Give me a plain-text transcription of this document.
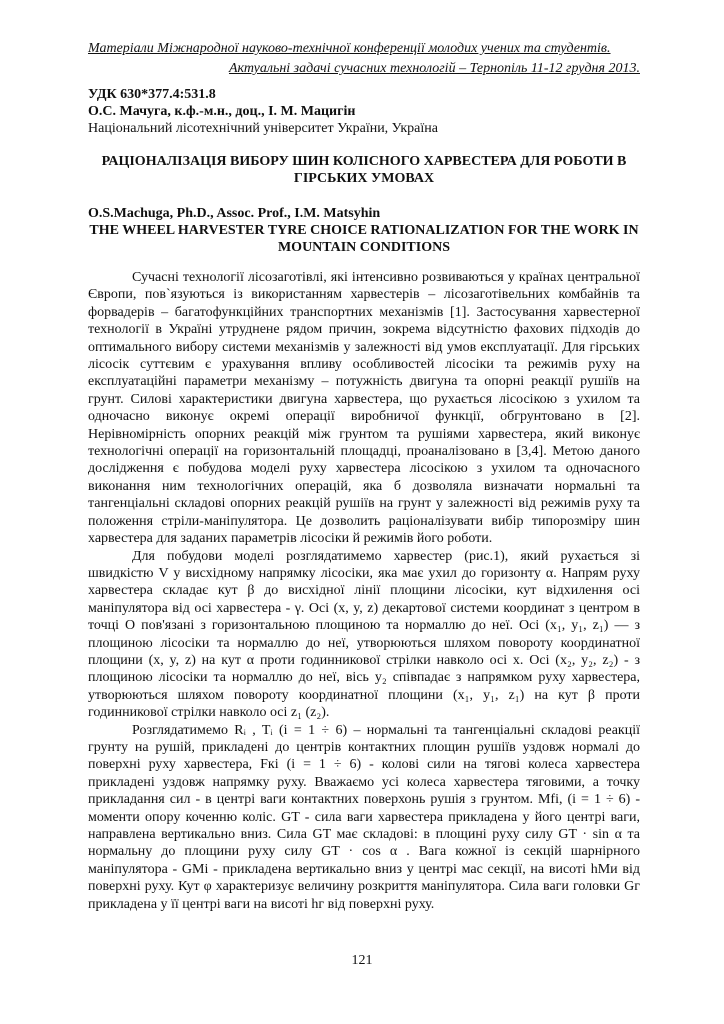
Матеріали Міжнародної науково-технічної конференції молодих учених та студентів.
Актуальні задачі сучасних технологій – Тернопіль 11-12 грудня 2013.
УДК 630*377.4:531.8
О.С. Мачуга, к.ф.-м.н., доц., І. М. Мацигін
Національний лісотехнічний університет України, Україна
РАЦІОНАЛІЗАЦІЯ ВИБОРУ ШИН КОЛІСНОГО ХАРВЕСТЕРА ДЛЯ РОБОТИ В ГІРСЬКИХ УМОВАХ
O.S.Machuga, Ph.D., Assoc. Prof., I.M. Matsyhin
THE WHEEL HARVESTER TYRE CHOICE RATIONALIZATION FOR THE WORK IN MOUNTAIN CONDITIONS

Сучасні технології лісозаготівлі, які інтенсивно розвиваються у країнах центральної Європи, пов`язуються із використанням харвестерів – лісозаготівельних комбайнів та форвадерів – багатофункційних транспортних механізмів [1]. Застосування харвестерної технології в Україні утруднене рядом причин, зокрема відсутністю фахових підходів до оптимального вибору системи механізмів у залежності від умов експлуатації. Для гірських лісосік суттєвим є урахування впливу особливостей лісосіки та режимів руху на експлуатаційні параметри механізму – потужність двигуна та опорні реакції рушіїв на грунт. Силові характеристики двигуна харвестера, що рухається лісосікою з ухилом та одночасно виконує окремі операції виробничої функції, обгрунтовано в [2]. Нерівномірність опорних реакцій між грунтом та рушіями харвестера, який виконує технологічні операції на горизонтальній площадці, проаналізовано в [3,4]. Метою даного дослідження є побудова моделі руху харвестера лісосікою з ухилом та одночасного виконання ним технологічних операцій, яка б дозволяла визначати нормальні та тангенціальні складові опорних реакцій рушіїв на грунт у залежності від режимів руху та положення стріли-маніпулятора. Це дозволить раціоналізувати вибір типорозміру шин харвестера для заданих параметрів лісосіки й режимів його роботи.

Для побудови моделі розглядатимемо харвестер (рис.1), який рухається зі швидкістю V у висхідному напрямку лісосіки, яка має ухил до горизонту α. Напрям руху харвестера складає кут β до висхідної лінії площини лісосіки, кут відхилення осі маніпулятора від осі харвестера - γ. Осі (x, y, z) декартової системи координат з центром в точці О пов'язані з горизонтальною площиною та нормаллю до неї. Осі (x₁, y₁, z₁) — з площиною лісосіки та нормаллю до неї, утворюються шляхом повороту координатної площини (x, y, z) на кут α проти годинникової стрілки навколо осі x. Осі (x₂, y₂, z₂) - з площиною лісосіки та нормаллю до неї, вісь y₂ співпадає з напрямком руху харвестера, утворюються шляхом повороту координатної площини (x₁, y₁, z₁) на кут β проти годинникової стрілки навколо осі z₁ (z₂).

Розглядатимемо Rᵢ , Tᵢ (i = 1 ÷ 6) – нормальні та тангенціальні складові реакції грунту на рушій, прикладені до центрів контактних площин рушіїв уздовж нормалі до поверхні руху харвестера, Fкi (i = 1 ÷ 6) - колові сили на тягові колеса харвестера прикладені уздовж напрямку руху. Вважаємо усі колеса харвестера тяговими, а точку прикладання сил - в центрі ваги контактних поверхонь рушія з грунтом. Mfi, (i = 1 ÷ 6) - моменти опору коченню коліс. GT - сила ваги харвестера прикладена у його центрі ваги, направлена вертикально вниз. Сила GT має складові: в площині руху силу GT · sin α та нормальну до площини руху силу GT · cos α . Вага кожної із секцій шарнірного маніпулятора - GMi - прикладена вертикально вниз у центрі мас секції, на висоті hMи від поверхні руху. Кут φ характеризує величину розкриття маніпулятора. Сила ваги головки Gг прикладена у її центрі ваги на висоті hг від поверхні руху.

121
